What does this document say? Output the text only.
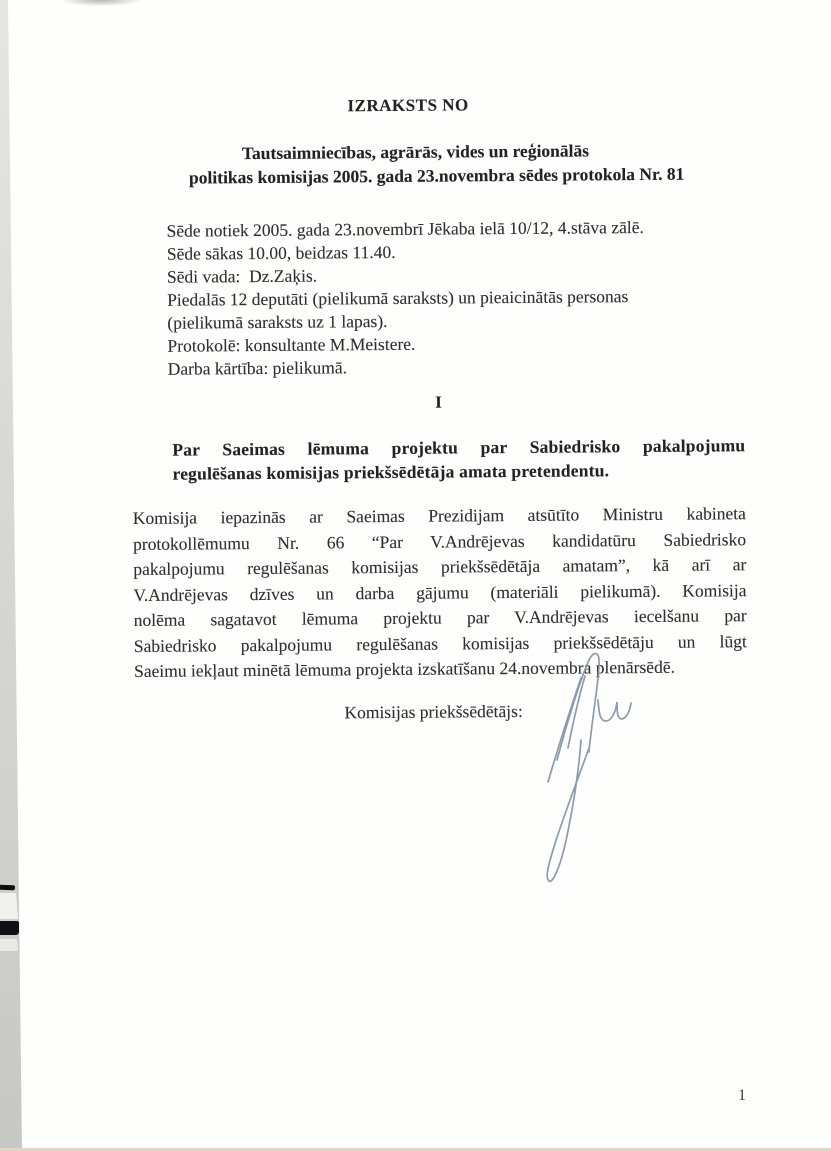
IZRAKSTS NO
Tautsaimniecības, agrārās, vides un reģionālās
politikas komisijas 2005. gada 23.novembra sēdes protokola Nr. 81
Sēde notiek 2005. gada 23.novembrī Jēkaba ielā 10/12, 4.stāva zālē.
Sēde sākas 10.00, beidzas 11.40.
Sēdi vada:  Dz.Zaķis.
Piedalās 12 deputāti (pielikumā saraksts) un pieaicinātās personas
(pielikumā saraksts uz 1 lapas).
Protokolē: konsultante M.Meistere.
Darba kārtība: pielikumā.
I
Par Saeimas lēmuma projektu par Sabiedrisko pakalpojumu
regulēšanas komisijas priekšsēdētāja amata pretendentu.
Komisija iepazinās ar Saeimas Prezidijam atsūtīto Ministru kabineta
protokollēmumu Nr. 66 “Par V.Andrējevas kandidatūru Sabiedrisko
pakalpojumu regulēšanas komisijas priekšsēdētāja amatam”, kā arī ar
V.Andrējevas dzīves un darba gājumu (materiāli pielikumā). Komisija
nolēma sagatavot lēmuma projektu par V.Andrējevas iecelšanu par
Sabiedrisko pakalpojumu regulēšanas komisijas priekšsēdētāju un lūgt
Saeimu iekļaut minētā lēmuma projekta izskatīšanu 24.novembra plenārsēdē.
Komisijas priekšsēdētājs:
1
